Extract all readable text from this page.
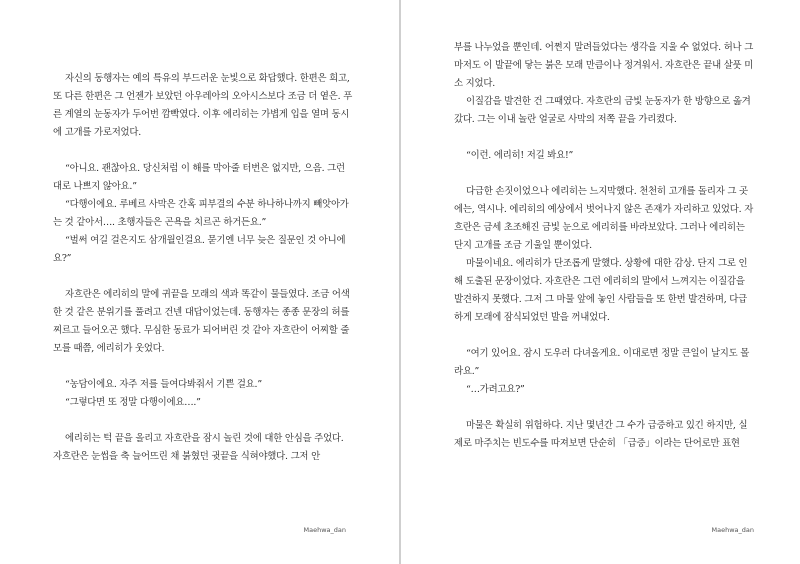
자신의 동행자는 예의 특유의 부드러운 눈빛으로 화답했다. 한편은 희고, 또 다른 한편은 그 언젠가 보았던 아우레아의 오아시스보다 조금 더 옅은. 푸른 계열의 눈동자가 두어번 깜빡였다. 이후 에리히는 가볍게 입을 열며 동시에 고개를 가로저었다.

“아니요. 괜찮아요. 당신처럼 이 해를 막아줄 터번은 없지만, 으음. 그런대로 나쁘지 않아요.”

“다행이에요. 루베르 사막은 간혹 피부결의 수분 하나하나까지 빼앗아가는 것 같아서…. 초행자들은 곤욕을 치르곤 하거든요.”

“벌써 여길 걸은지도 삼개월인걸요. 묻기엔 너무 늦은 질문인 것 아니에요?”

자흐란은 에리히의 말에 귀끝을 모래의 색과 똑같이 물들였다. 조금 어색한 것 같은 분위기를 풀려고 건넨 대답이었는데. 동행자는 종종 문장의 허를 찌르고 들어오곤 했다. 무심한 동료가 되어버린 것 같아 자흐란이 어찌할 줄 모를 때쯤, 에리히가 웃었다.

“농담이에요. 자주 저를 들여다봐줘서 기쁜 걸요.”

“그렇다면 또 정말 다행이에요….”

에리히는 턱 끝을 올리고 자흐란을 잠시 놀린 것에 대한 안심을 주었다. 자흐란은 눈썹을 축 늘어뜨린 채 붉혔던 귓끝을 식혀야했다. 그저 안

Maehwa_dan

부를 나누었을 뿐인데. 어쩐지 말려들었다는 생각을 지울 수 없었다. 허나 그마저도 이 발끝에 닿는 붉은 모래 만큼이나 정겨워서. 자흐란은 끝내 살풋 미소 지었다.

이질감을 발견한 건 그때였다. 자흐란의 금빛 눈동자가 한 방향으로 옮겨갔다. 그는 이내 놀란 얼굴로 사막의 저쪽 끝을 가리켰다.

“이런. 에리히! 저길 봐요!”

다급한 손짓이었으나 에리히는 느지막했다. 천천히 고개를 돌리자 그 곳에는, 역시나. 에리히의 예상에서 벗어나지 않은 존재가 자리하고 있었다. 자흐란은 금세 초조해진 금빛 눈으로 에리히를 바라보았다. 그러나 에리히는 단지 고개를 조금 기울일 뿐이었다.

마물이네요. 에리히가 단조롭게 말했다. 상황에 대한 감상. 단지 그로 인해 도출된 문장이었다. 자흐란은 그런 에리히의 말에서 느껴지는 이질감을 발견하지 못했다. 그저 그 마물 앞에 놓인 사람들을 또 한번 발견하며, 다급하게 모래에 잠식되었던 발을 꺼내었다.

“여기 있어요. 잠시 도우러 다녀올게요. 이대로면 정말 큰일이 날지도 몰라요.”

“…가려고요?”

마물은 확실히 위험하다. 지난 몇년간 그 수가 급증하고 있긴 하지만, 실제로 마주치는 빈도수를 따져보면 단순히 「급증」이라는 단어로만 표현

Maehwa_dan
